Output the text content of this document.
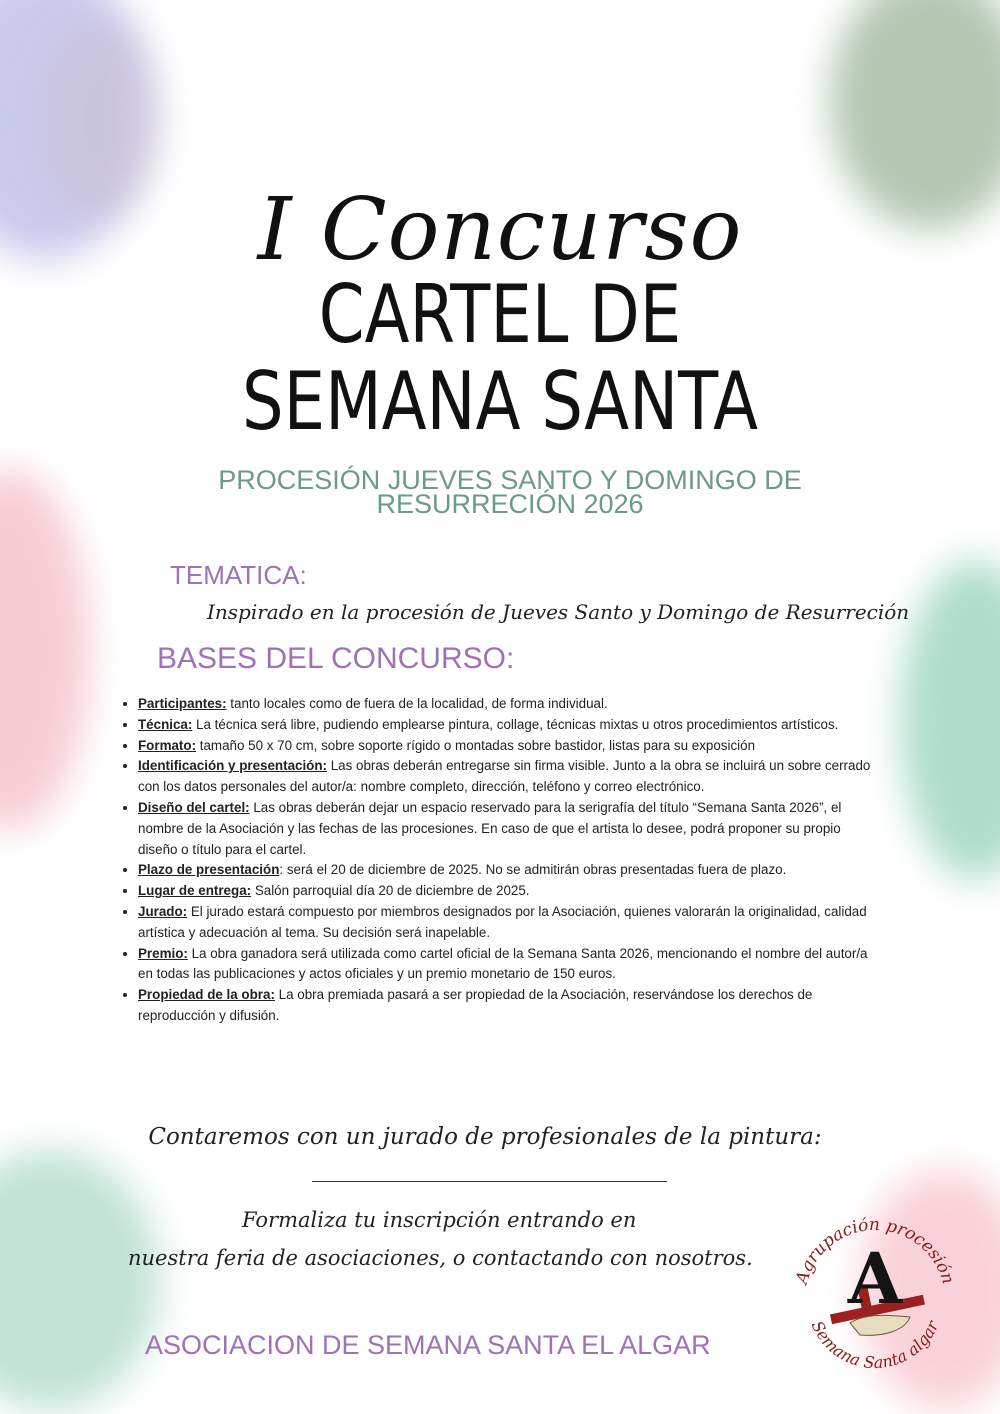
I Concurso
CARTEL DE
SEMANA SANTA
PROCESIÓN JUEVES SANTO Y DOMINGO DE RESURRECIÓN 2026
TEMATICA:
Inspirado en la procesión de Jueves Santo y Domingo de Resurreción
BASES DEL CONCURSO:
• Participantes: tanto locales como de fuera de la localidad, de forma individual.
• Técnica: La técnica será libre, pudiendo emplearse pintura, collage, técnicas mixtas u otros procedimientos artísticos.
• Formato: tamaño 50 x 70 cm, sobre soporte rígido o montadas sobre bastidor, listas para su exposición
• Identificación y presentación: Las obras deberán entregarse sin firma visible. Junto a la obra se incluirá un sobre cerrado con los datos personales del autor/a: nombre completo, dirección, teléfono y correo electrónico.
• Diseño del cartel: Las obras deberán dejar un espacio reservado para la serigrafía del título “Semana Santa 2026”, el nombre de la Asociación y las fechas de las procesiones. En caso de que el artista lo desee, podrá proponer su propio diseño o título para el cartel.
• Plazo de presentación: será el 20 de diciembre de 2025. No se admitirán obras presentadas fuera de plazo.
• Lugar de entrega: Salón parroquial día 20 de diciembre de 2025.
• Jurado: El jurado estará compuesto por miembros designados por la Asociación, quienes valorarán la originalidad, calidad artística y adecuación al tema. Su decisión será inapelable.
• Premio: La obra ganadora será utilizada como cartel oficial de la Semana Santa 2026, mencionando el nombre del autor/a en todas las publicaciones y actos oficiales y un premio monetario de 150 euros.
• Propiedad de la obra: La obra premiada pasará a ser propiedad de la Asociación, reservándose los derechos de reproducción y difusión.
Contaremos con un jurado de profesionales de la pintura:
Formaliza tu inscripción entrando en
nuestra feria de asociaciones, o contactando con nosotros.
ASOCIACION DE SEMANA SANTA EL ALGAR
Agrupación procesión
Semana Santa algar
A
